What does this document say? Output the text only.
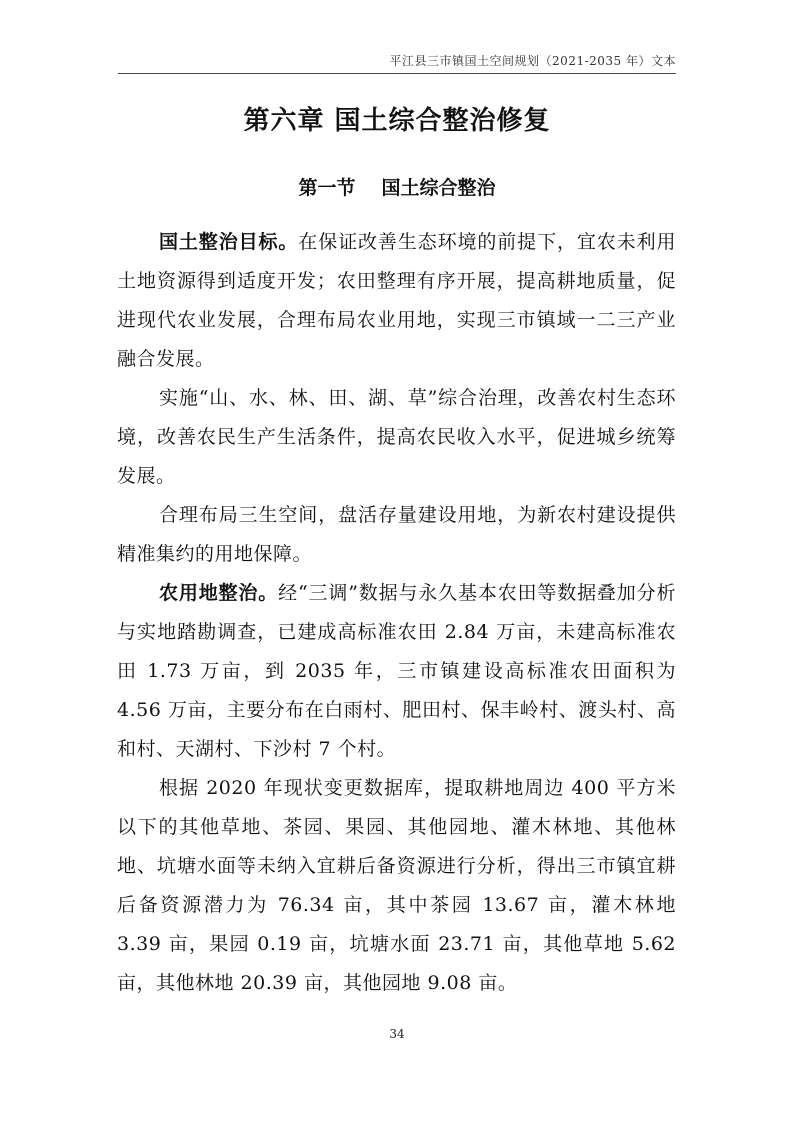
平江县三市镇国土空间规划（2021-2035 年）文本
第六章 国土综合整治修复
第一节 国土综合整治

国土整治目标。在保证改善生态环境的前提下，宜农未利用土地资源得到适度开发；农田整理有序开展，提高耕地质量，促进现代农业发展，合理布局农业用地，实现三市镇域一二三产业融合发展。

实施“山、水、林、田、湖、草”综合治理，改善农村生态环境，改善农民生产生活条件，提高农民收入水平，促进城乡统筹发展。

合理布局三生空间，盘活存量建设用地，为新农村建设提供精准集约的用地保障。

农用地整治。经“三调”数据与永久基本农田等数据叠加分析与实地踏勘调查，已建成高标准农田 2.84 万亩，未建高标准农田 1.73 万亩，到 2035 年，三市镇建设高标准农田面积为 4.56 万亩，主要分布在白雨村、肥田村、保丰岭村、渡头村、高和村、天湖村、下沙村 7 个村。

根据 2020 年现状变更数据库，提取耕地周边 400 平方米以下的其他草地、茶园、果园、其他园地、灌木林地、其他林地、坑塘水面等未纳入宜耕后备资源进行分析，得出三市镇宜耕后备资源潜力为 76.34 亩，其中茶园 13.67 亩，灌木林地 3.39 亩，果园 0.19 亩，坑塘水面 23.71 亩，其他草地 5.62 亩，其他林地 20.39 亩，其他园地 9.08 亩。

34
